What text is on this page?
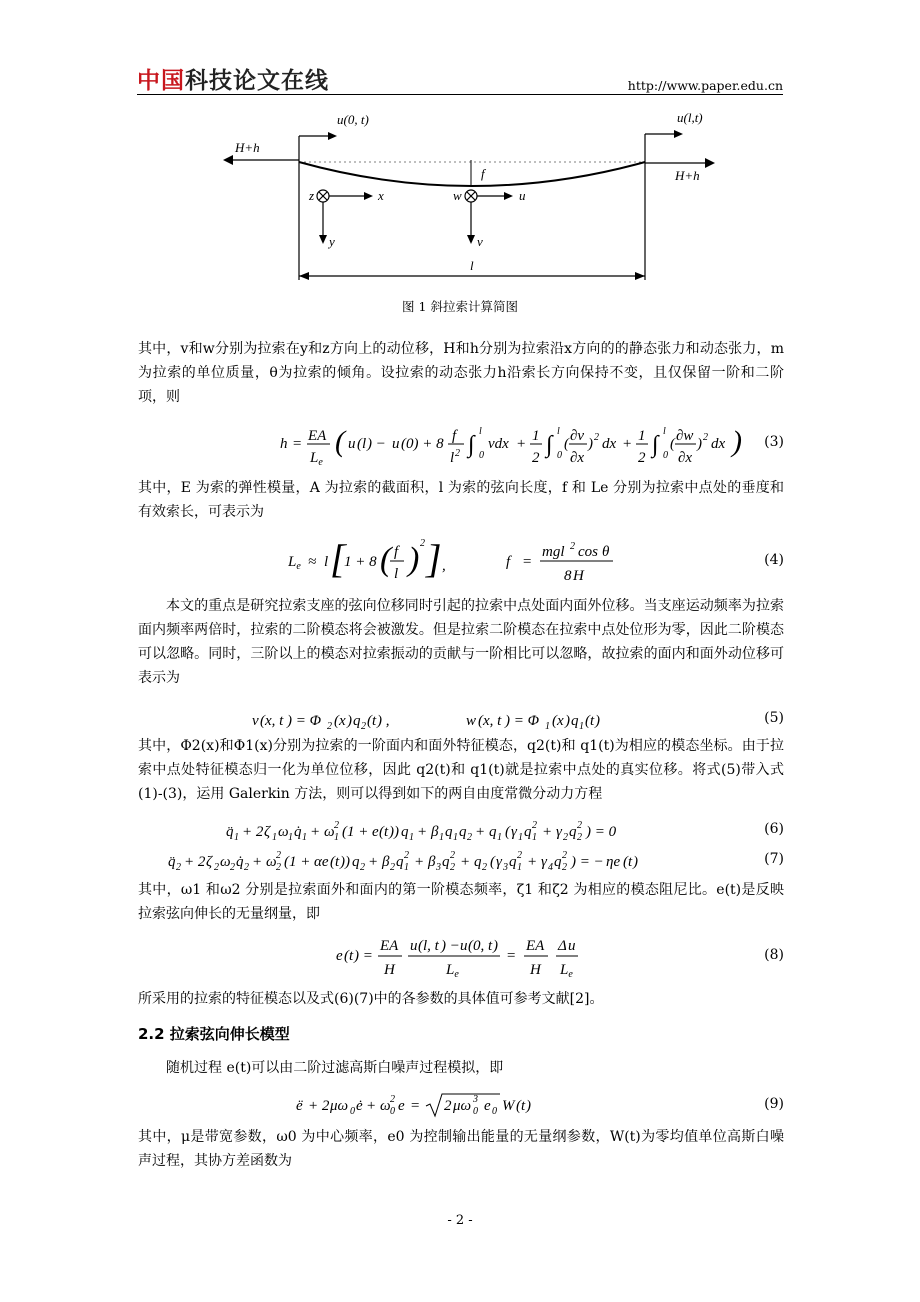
中国科技论文在线	http://www.paper.edu.cn
u(0, t)	u(l,t)
H+h
H+h
f
z	x	w	u
y	v
l
图 1 斜拉索计算简图
其中，v和w分别为拉索在y和z方向上的动位移，H和h分别为拉索沿x方向的的静态张力和动态张力，m为拉索的单位质量，θ为拉索的倾角。设拉索的动态张力h沿索长方向保持不变，且仅保留一阶和二阶项，则
h = EA
$L_e$
( u ( l ) − u (0) + 8 f
l 2 ∫
l
0
vdx + 1
2 ∫
l
0
( ∂v
∂x
) 2 dx + 1
2 ∫
l
0
( ∂w
∂x
) 2 dx ) (3)
其中，E 为索的弹性模量，A 为拉索的截面积，l 为索的弦向长度，f 和 Le 分别为拉索中点处的垂度和有效索长，可表示为
$L_e \approx l$ [
1 + 8 ( f
l ) 2 ] ,	f =
mgl 2 cos θ
8 H
(4)
本文的重点是研究拉索支座的弦向位移同时引起的拉索中点处面内面外位移。当支座运动频率为拉索面内频率两倍时，拉索的二阶模态将会被激发。但是拉索二阶模态在拉索中点处位形为零，因此二阶模态可以忽略。同时，三阶以上的模态对拉索振动的贡献与一阶相比可以忽略，故拉索的面内和面外动位移可表示为
v ( x, t ) = Φ 2 ( x ) q 2 ( t ) ,	w ( x, t ) = Φ 1 ( x ) q 1 ( t )	(5)
其中，Φ2(x)和Φ1(x)分别为拉索的一阶面内和面外特征模态，q2(t)和 q1(t)为相应的模态坐标。由于拉索中点处特征模态归一化为单位位移，因此 q2(t)和 q1(t)就是拉索中点处的真实位移。将式(5)带入式(1)-(3)，运用 Galerkin 方法，则可以得到如下的两自由度常微分动力方程
q̈ 1 + 2 ζ 1 ω 1 q̇ 1 + ω 1
2 (1 + e ( t )) q 1 + β 1 q 1 q 2 + q 1 ( γ 1 q 1
2 + γ 2 q 2
2 ) = 0	(6)
q̈ 2 + 2 ζ 2 ω 2 q̇ 2 + ω 2
2 (1 + αe ( t )) q 2 + β 2 q 1
2 + β 3 q 2
2 + q 2 ( γ 3 q 1
2 + γ 4 q 2
2 ) = − ηe ( t )	(7)
其中，ω1 和ω2 分别是拉索面外和面内的第一阶模态频率，ζ1 和ζ2 为相应的模态阻尼比。e(t)是反映拉索弦向伸长的无量纲量，即
e ( t ) =
EA
H
u ( l, t ) − u (0, t )
$L_e$
=
EA
H
Δ u
$L_e$
(8)
所采用的拉索的特征模态以及式(6)(7)中的各参数的具体值可参考文献[2]。
2.2 拉索弦向伸长模型
随机过程 e(t)可以由二阶过滤高斯白噪声过程模拟，即
ë + 2 μω 0 ė + ω 0
2 e = 2 μω 0
3 e 0 W ( t )	(9)
其中，μ是带宽参数，ω0 为中心频率，e0 为控制输出能量的无量纲参数，W(t)为零均值单位高斯白噪声过程，其协方差函数为
- 2 -
